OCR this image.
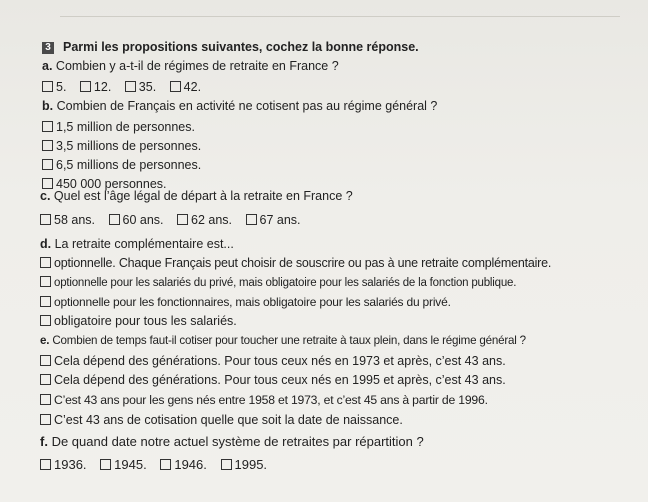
3 Parmi les propositions suivantes, cochez la bonne réponse.
a. Combien y a-t-il de régimes de retraite en France ?
5. 12. 35. 42.
b. Combien de Français en activité ne cotisent pas au régime général ?
1,5 million de personnes.
3,5 millions de personnes.
6,5 millions de personnes.
450 000 personnes.
c. Quel est l’âge légal de départ à la retraite en France ?
58 ans. 60 ans. 62 ans. 67 ans.
d. La retraite complémentaire est...
optionnelle. Chaque Français peut choisir de souscrire ou pas à une retraite complémentaire.
optionnelle pour les salariés du privé, mais obligatoire pour les salariés de la fonction publique.
optionnelle pour les fonctionnaires, mais obligatoire pour les salariés du privé.
obligatoire pour tous les salariés.
e. Combien de temps faut-il cotiser pour toucher une retraite à taux plein, dans le régime général ?
Cela dépend des générations. Pour tous ceux nés en 1973 et après, c’est 43 ans.
Cela dépend des générations. Pour tous ceux nés en 1995 et après, c’est 43 ans.
C’est 43 ans pour les gens nés entre 1958 et 1973, et c’est 45 ans à partir de 1996.
C’est 43 ans de cotisation quelle que soit la date de naissance.
f. De quand date notre actuel système de retraites par répartition ?
1936. 1945. 1946. 1995.
